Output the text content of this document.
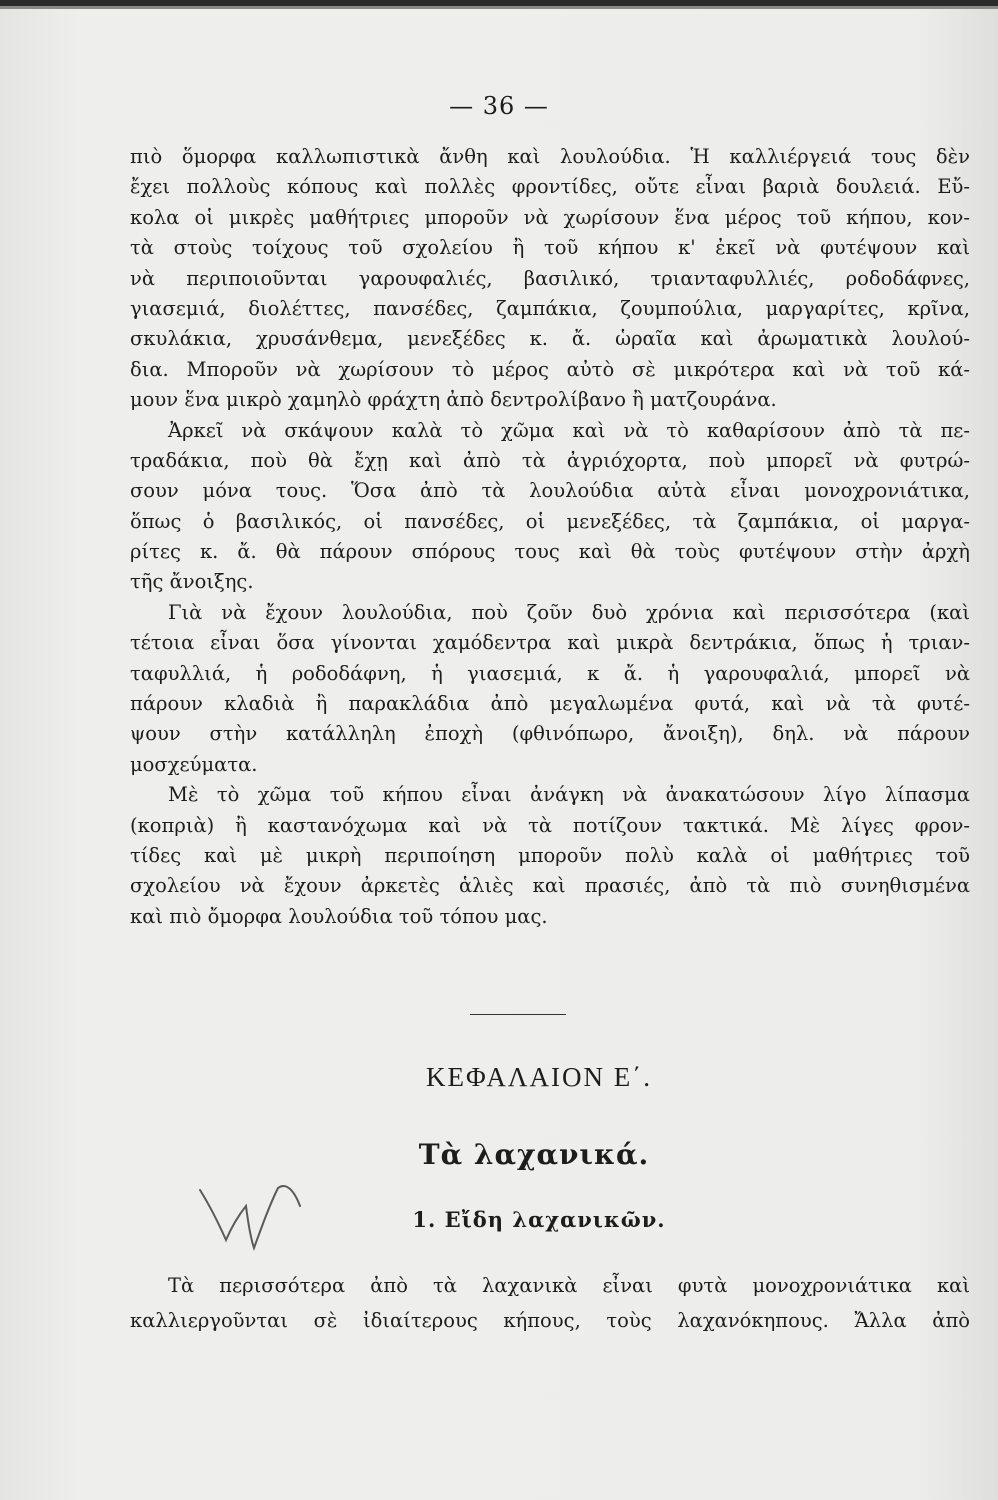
— 36 —
πιὸ ὅμορφα καλλωπιστικὰ ἄνθη καὶ λουλούδια. Ἡ καλλιέργειά τους δὲν
ἔχει πολλοὺς κόπους καὶ πολλὲς φροντίδες, οὔτε εἶναι βαριὰ δουλειά. Εὔ-
κολα οἱ μικρὲς μαθήτριες μποροῦν νὰ χωρίσουν ἕνα μέρος τοῦ κήπου, κον-
τὰ στοὺς τοίχους τοῦ σχολείου ἢ τοῦ κήπου κ' ἐκεῖ νὰ φυτέψουν καὶ
νὰ περιποιοῦνται γαρουφαλιές, βασιλικό, τριανταφυλλιές, ροδοδάφνες,
γιασεμιά, διολέττες, πανσέδες, ζαμπάκια, ζουμπούλια, μαργαρίτες, κρῖνα,
σκυλάκια, χρυσάνθεμα, μενεξέδες κ. ἄ. ὡραῖα καὶ ἀρωματικὰ λουλού-
δια. Μποροῦν νὰ χωρίσουν τὸ μέρος αὐτὸ σὲ μικρότερα καὶ νὰ τοῦ κά-
μουν ἕνα μικρὸ χαμηλὸ φράχτη ἀπὸ δεντρολίβανο ἢ ματζουράνα.
Ἀρκεῖ νὰ σκάψουν καλὰ τὸ χῶμα καὶ νὰ τὸ καθαρίσουν ἀπὸ τὰ πε-
τραδάκια, ποὺ θὰ ἔχῃ καὶ ἀπὸ τὰ ἀγριόχορτα, ποὺ μπορεῖ νὰ φυτρώ-
σουν μόνα τους. Ὅσα ἀπὸ τὰ λουλούδια αὐτὰ εἶναι μονοχρονιάτικα,
ὅπως ὁ βασιλικός, οἱ πανσέδες, οἱ μενεξέδες, τὰ ζαμπάκια, οἱ μαργα-
ρίτες κ. ἄ. θὰ πάρουν σπόρους τους καὶ θὰ τοὺς φυτέψουν στὴν ἀρχὴ
τῆς ἄνοιξης.
Γιὰ νὰ ἔχουν λουλούδια, ποὺ ζοῦν δυὸ χρόνια καὶ περισσότερα (καὶ
τέτοια εἶναι ὅσα γίνονται χαμόδεντρα καὶ μικρὰ δεντράκια, ὅπως ἡ τριαν-
ταφυλλιά, ἡ ροδοδάφνη, ἡ γιασεμιά, κ ἄ. ἡ γαρουφαλιά, μπορεῖ νὰ
πάρουν κλαδιὰ ἢ παρακλάδια ἀπὸ μεγαλωμένα φυτά, καὶ νὰ τὰ φυτέ-
ψουν στὴν κατάλληλη ἐποχὴ (φθινόπωρο, ἄνοιξη), δηλ. νὰ πάρουν
μοσχεύματα.
Μὲ τὸ χῶμα τοῦ κήπου εἶναι ἀνάγκη νὰ ἀνακατώσουν λίγο λίπασμα
(κοπριὰ) ἢ καστανόχωμα καὶ νὰ τὰ ποτίζουν τακτικά. Μὲ λίγες φρον-
τίδες καὶ μὲ μικρὴ περιποίηση μποροῦν πολὺ καλὰ οἱ μαθήτριες τοῦ
σχολείου νὰ ἔχουν ἀρκετὲς ἁλιὲς καὶ πρασιές, ἀπὸ τὰ πιὸ συνηθισμένα
καὶ πιὸ ὄμορφα λουλούδια τοῦ τόπου μας.
ΚΕΦΑΛΑΙΟΝ Ε΄.
Τὰ λαχανικά.
1. Εἴδη λαχανικῶν.
Τὰ περισσότερα ἀπὸ τὰ λαχανικὰ εἶναι φυτὰ μονοχρονιάτικα καὶ
καλλιεργοῦνται σὲ ἰδιαίτερους κήπους, τοὺς λαχανόκηπους. Ἄλλα ἀπὸ
